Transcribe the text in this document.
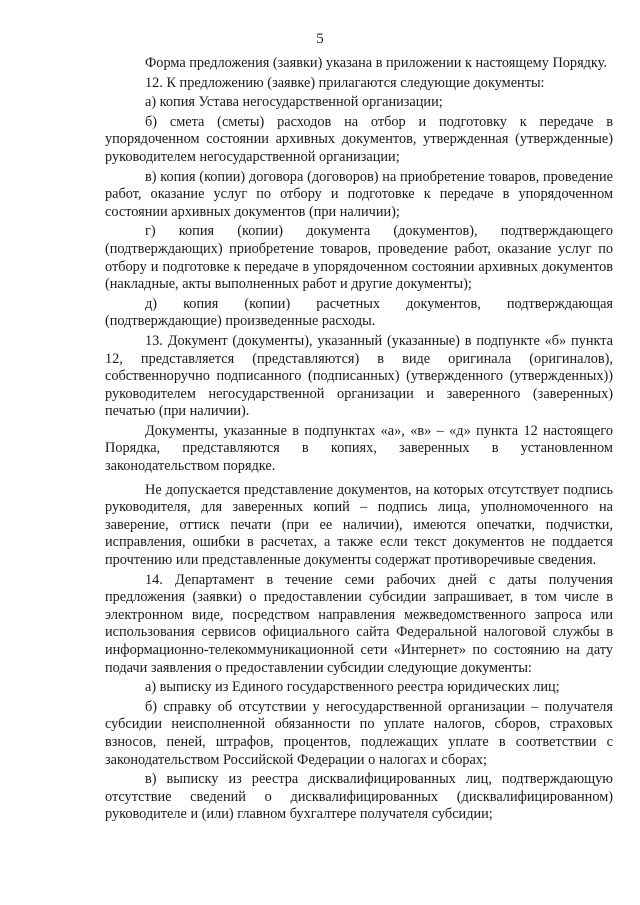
5

Форма предложения (заявки) указана в приложении к настоящему Порядку.

12. К предложению (заявке) прилагаются следующие документы:

а) копия Устава негосударственной организации;

б) смета (сметы) расходов на отбор и подготовку к передаче в упорядоченном состоянии архивных документов, утвержденная (утвержденные) руководителем негосударственной организации;

в) копия (копии) договора (договоров) на приобретение товаров, проведение работ, оказание услуг по отбору и подготовке к передаче в упорядоченном состоянии архивных документов (при наличии);

г) копия (копии) документа (документов), подтверждающего (подтверждающих) приобретение товаров, проведение работ, оказание услуг по отбору и подготовке к передаче в упорядоченном состоянии архивных документов (накладные, акты выполненных работ и другие документы);

д) копия (копии) расчетных документов, подтверждающая (подтверждающие) произведенные расходы.

13. Документ (документы), указанный (указанные) в подпункте «б» пункта 12, представляется (представляются) в виде оригинала (оригиналов), собственноручно подписанного (подписанных) (утвержденного (утвержденных)) руководителем негосударственной организации и заверенного (заверенных) печатью (при наличии).

Документы, указанные в подпунктах «а», «в» – «д» пункта 12 настоящего Порядка, представляются в копиях, заверенных в установленном законодательством порядке.

Не допускается представление документов, на которых отсутствует подпись руководителя, для заверенных копий – подпись лица, уполномоченного на заверение, оттиск печати (при ее наличии), имеются опечатки, подчистки, исправления, ошибки в расчетах, а также если текст документов не поддается прочтению или представленные документы содержат противоречивые сведения.

14. Департамент в течение семи рабочих дней с даты получения предложения (заявки) о предоставлении субсидии запрашивает, в том числе в электронном виде, посредством направления межведомственного запроса или использования сервисов официального сайта Федеральной налоговой службы в информационно-телекоммуникационной сети «Интернет» по состоянию на дату подачи заявления о предоставлении субсидии следующие документы:

а) выписку из Единого государственного реестра юридических лиц;

б) справку об отсутствии у негосударственной организации – получателя субсидии неисполненной обязанности по уплате налогов, сборов, страховых взносов, пеней, штрафов, процентов, подлежащих уплате в соответствии с законодательством Российской Федерации о налогах и сборах;

в) выписку из реестра дисквалифицированных лиц, подтверждающую отсутствие сведений о дисквалифицированных (дисквалифицированном) руководителе и (или) главном бухгалтере получателя субсидии;
